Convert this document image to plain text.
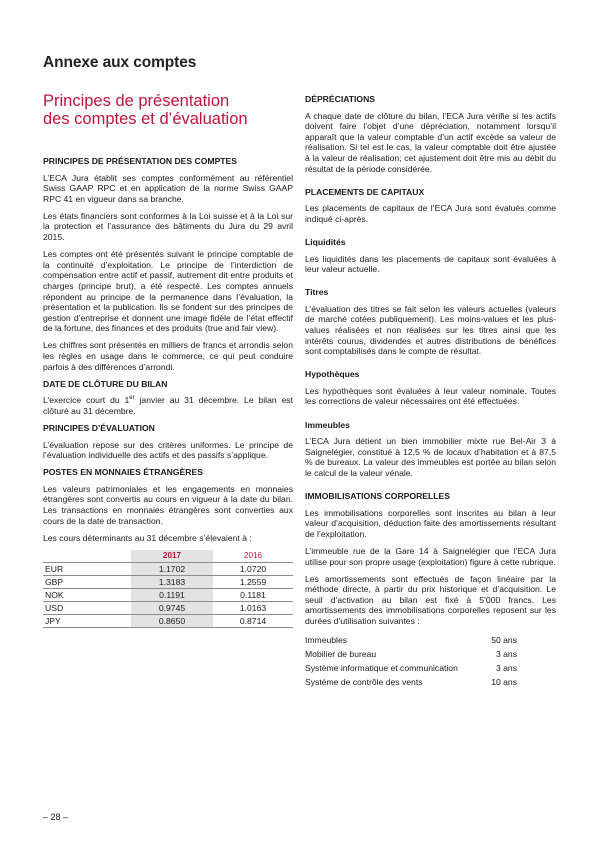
Annexe aux comptes
Principes de présentation
des comptes et d’évaluation
PRINCIPES DE PRÉSENTATION DES COMPTES
L’ECA Jura établit ses comptes conformément au référentiel Swiss GAAP RPC et en application de la norme Swiss GAAP RPC 41 en vigueur dans sa branche.
Les états financiers sont conformes à la Loi suisse et à la Loi sur la protection et l’assurance des bâtiments du Jura du 29 avril 2015.
Les comptes ont été présentés suivant le principe comptable de la continuité d’exploitation. Le principe de l’interdiction de compensation entre actif et passif, autrement dit entre produits et charges (principe brut), a été respecté. Les comptes annuels répondent au principe de la permanence dans l’évaluation, la présentation et la publication. Ils se fondent sur des principes de gestion d’entreprise et donnent une image fidèle de l’état effectif de la fortune, des finances et des produits (true and fair view).
Les chiffres sont présentés en milliers de francs et arrondis selon les règles en usage dans le commerce, ce qui peut conduire parfois à des différences d’arrondi.
DATE DE CLÔTURE DU BILAN
L’exercice court du 1er janvier au 31 décembre. Le bilan est clôturé au 31 décembre.
PRINCIPES D’ÉVALUATION
L’évaluation repose sur des critères uniformes. Le principe de l’évaluation individuelle des actifs et des passifs s’applique.
POSTES EN MONNAIES ÉTRANGÈRES
Les valeurs patrimoniales et les engagements en monnaies étrangères sont convertis au cours en vigueur à la date du bilan. Les transactions en monnaies étrangères sont converties aux cours de la date de transaction.
Les cours déterminants au 31 décembre s’élevaient à :
	2017	2016
EUR	1.1702	1.0720
GBP	1.3183	1.2559
NOK	0.1191	0.1181
USD	0.9745	1.0163
JPY	0.8650	0.8714
DÉPRÉCIATIONS
A chaque date de clôture du bilan, l’ECA Jura vérifie si les actifs doivent faire l’objet d’une dépréciation, notamment lorsqu’il apparaît que la valeur comptable d’un actif excède sa valeur de réalisation. Si tel est le cas, la valeur comptable doit être ajustée à la valeur de réalisation; cet ajustement doit être mis au débit du résultat de la période considérée.
PLACEMENTS DE CAPITAUX
Les placements de capitaux de l’ECA Jura sont évalués comme indiqué ci-après.
Liquidités
Les liquidités dans les placements de capitaux sont évaluées à leur valeur actuelle.
Titres
L’évaluation des titres se fait selon les valeurs actuelles (valeurs de marché cotées publiquement). Les moins-values et les plus-values réalisées et non réalisées sur les titres ainsi que les intérêts courus, dividendes et autres distributions de bénéfices sont comptabilisés dans le compte de résultat.
Hypothèques
Les hypothèques sont évaluées à leur valeur nominale. Toutes les corrections de valeur nécessaires ont été effectuées.
Immeubles
L’ECA Jura détient un bien immobilier mixte rue Bel-Air 3 à Saignelégier, constitué à 12,5 % de locaux d’habitation et à 87,5 % de bureaux. La valeur des immeubles est portée au bilan selon le calcul de la valeur vénale.
IMMOBILISATIONS CORPORELLES
Les immobilisations corporelles sont inscrites au bilan à leur valeur d’acquisition, déduction faite des amortissements résultant de l’exploitation.
L’immeuble rue de la Gare 14 à Saignelégier que l’ECA Jura utilise pour son propre usage (exploitation) figure à cette rubrique.
Les amortissements sont effectués de façon linéaire par la méthode directe, à partir du prix historique et d’acquisition. Le seuil d’activation au bilan est fixé à 5’000 francs. Les amortissements des immobilisations corporelles reposent sur les durées d’utilisation suivantes :
Immeubles	50 ans
Mobilier de bureau	3 ans
Système informatique et communication	3 ans
Système de contrôle des vents	10 ans
– 28 –
